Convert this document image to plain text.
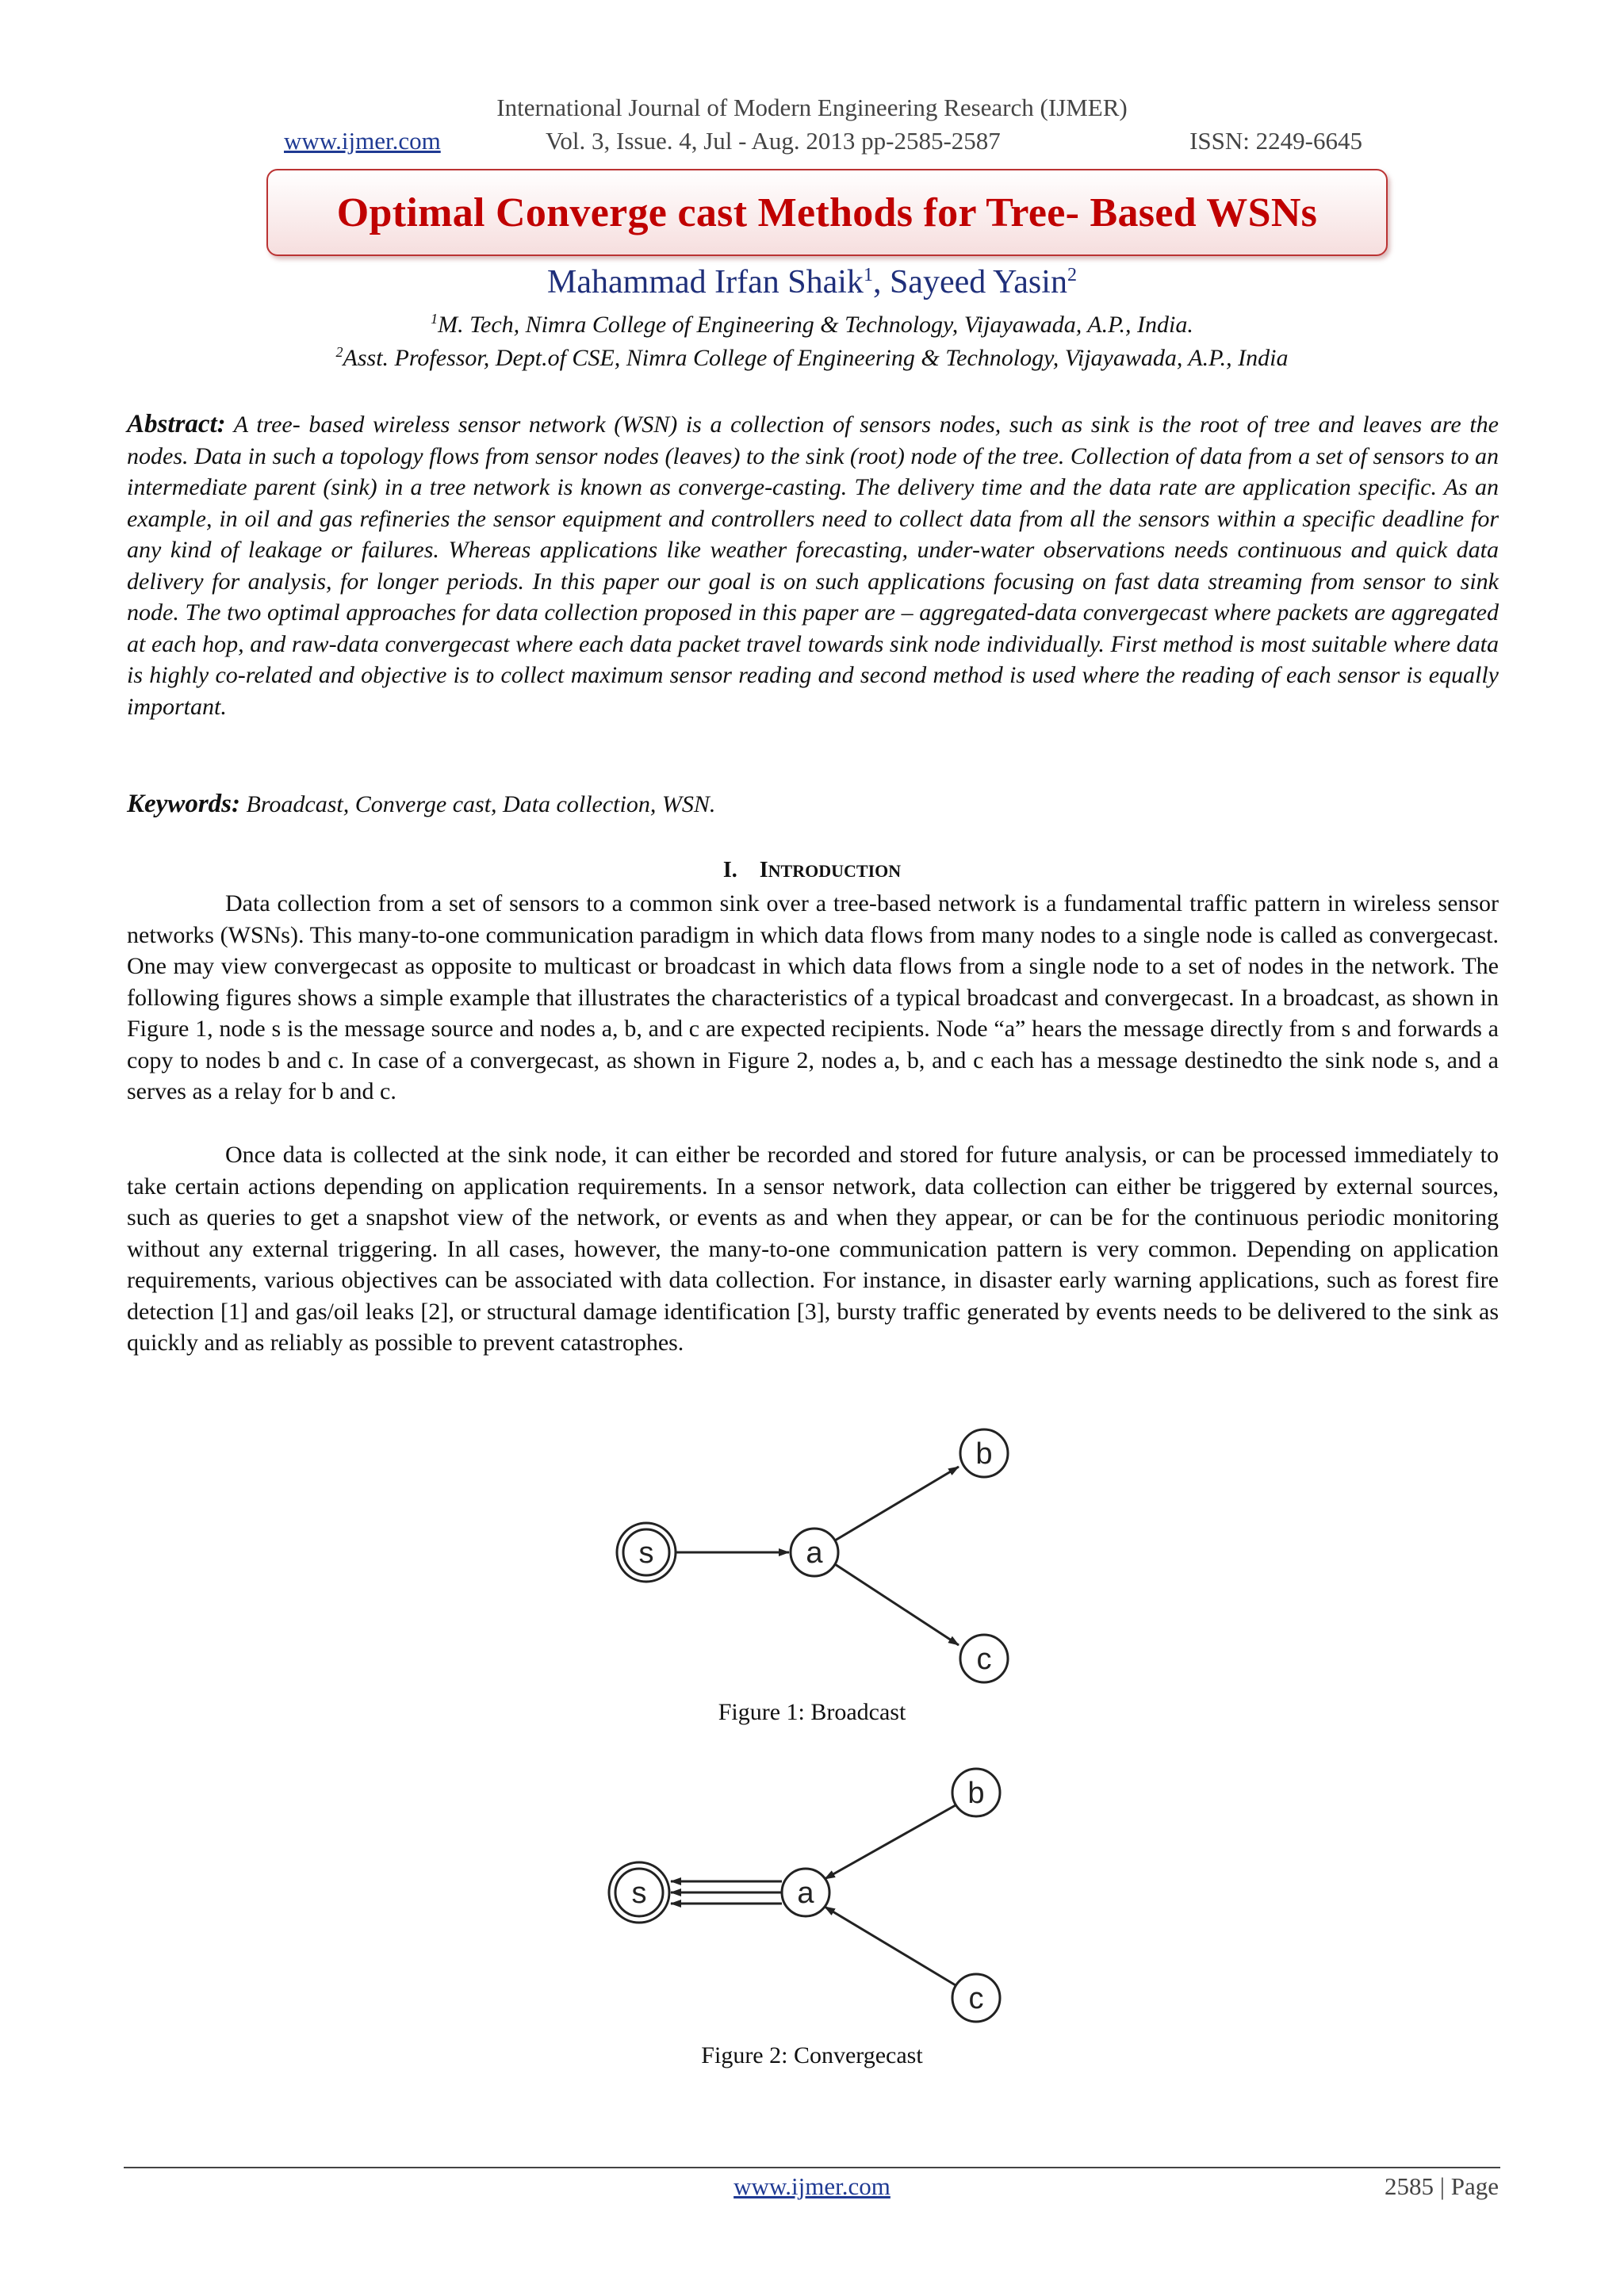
International Journal of Modern Engineering Research (IJMER)
www.ijmer.com	Vol. 3, Issue. 4, Jul - Aug. 2013 pp-2585-2587	ISSN: 2249-6645
Optimal Converge cast Methods for Tree- Based WSNs
Mahammad Irfan Shaik$^1$, Sayeed Yasin$^2$
$^1$M. Tech, Nimra College of Engineering & Technology, Vijayawada, A.P., India.
$^2$Asst. Professor, Dept.of CSE, Nimra College of Engineering & Technology, Vijayawada, A.P., India
Abstract: A tree- based wireless sensor network (WSN) is a collection of sensors nodes, such as sink is the root of tree and leaves are the nodes. Data in such a topology flows from sensor nodes (leaves) to the sink (root) node of the tree. Collection of data from a set of sensors to an intermediate parent (sink) in a tree network is known as converge-casting. The delivery time and the data rate are application specific. As an example, in oil and gas refineries the sensor equipment and controllers need to collect data from all the sensors within a specific deadline for any kind of leakage or failures. Whereas applications like weather forecasting, under-water observations needs continuous and quick data delivery for analysis, for longer periods. In this paper our goal is on such applications focusing on fast data streaming from sensor to sink node. The two optimal approaches for data collection proposed in this paper are – aggregated-data convergecast where packets are aggregated at each hop, and raw-data convergecast where each data packet travel towards sink node individually. First method is most suitable where data is highly co-related and objective is to collect maximum sensor reading and second method is used where the reading of each sensor is equally important.
Keywords: Broadcast, Converge cast, Data collection, WSN.
I. INTRODUCTION

Data collection from a set of sensors to a common sink over a tree-based network is a fundamental traffic pattern in wireless sensor networks (WSNs). This many-to-one communication paradigm in which data flows from many nodes to a single node is called as convergecast. One may view convergecast as opposite to multicast or broadcast in which data flows from a single node to a set of nodes in the network. The following figures shows a simple example that illustrates the characteristics of a typical broadcast and convergecast. In a broadcast, as shown in Figure 1, node s is the message source and nodes a, b, and c are expected recipients. Node “a” hears the message directly from s and forwards a copy to nodes b and c. In case of a convergecast, as shown in Figure 2, nodes a, b, and c each has a message destinedto the sink node s, and a serves as a relay for b and c.

Once data is collected at the sink node, it can either be recorded and stored for future analysis, or can be processed immediately to take certain actions depending on application requirements. In a sensor network, data collection can either be triggered by external sources, such as queries to get a snapshot view of the network, or events as and when they appear, or can be for the continuous periodic monitoring without any external triggering. In all cases, however, the many-to-one communication pattern is very common. Depending on application requirements, various objectives can be associated with data collection. For instance, in disaster early warning applications, such as forest fire detection [1] and gas/oil leaks [2], or structural damage identification [3], bursty traffic generated by events needs to be delivered to the sink as quickly and as reliably as possible to prevent catastrophes.

s	a
b
c
Figure 1: Broadcast
s	a
b
c
Figure 2: Convergecast
www.ijmer.com	2585 | Page
